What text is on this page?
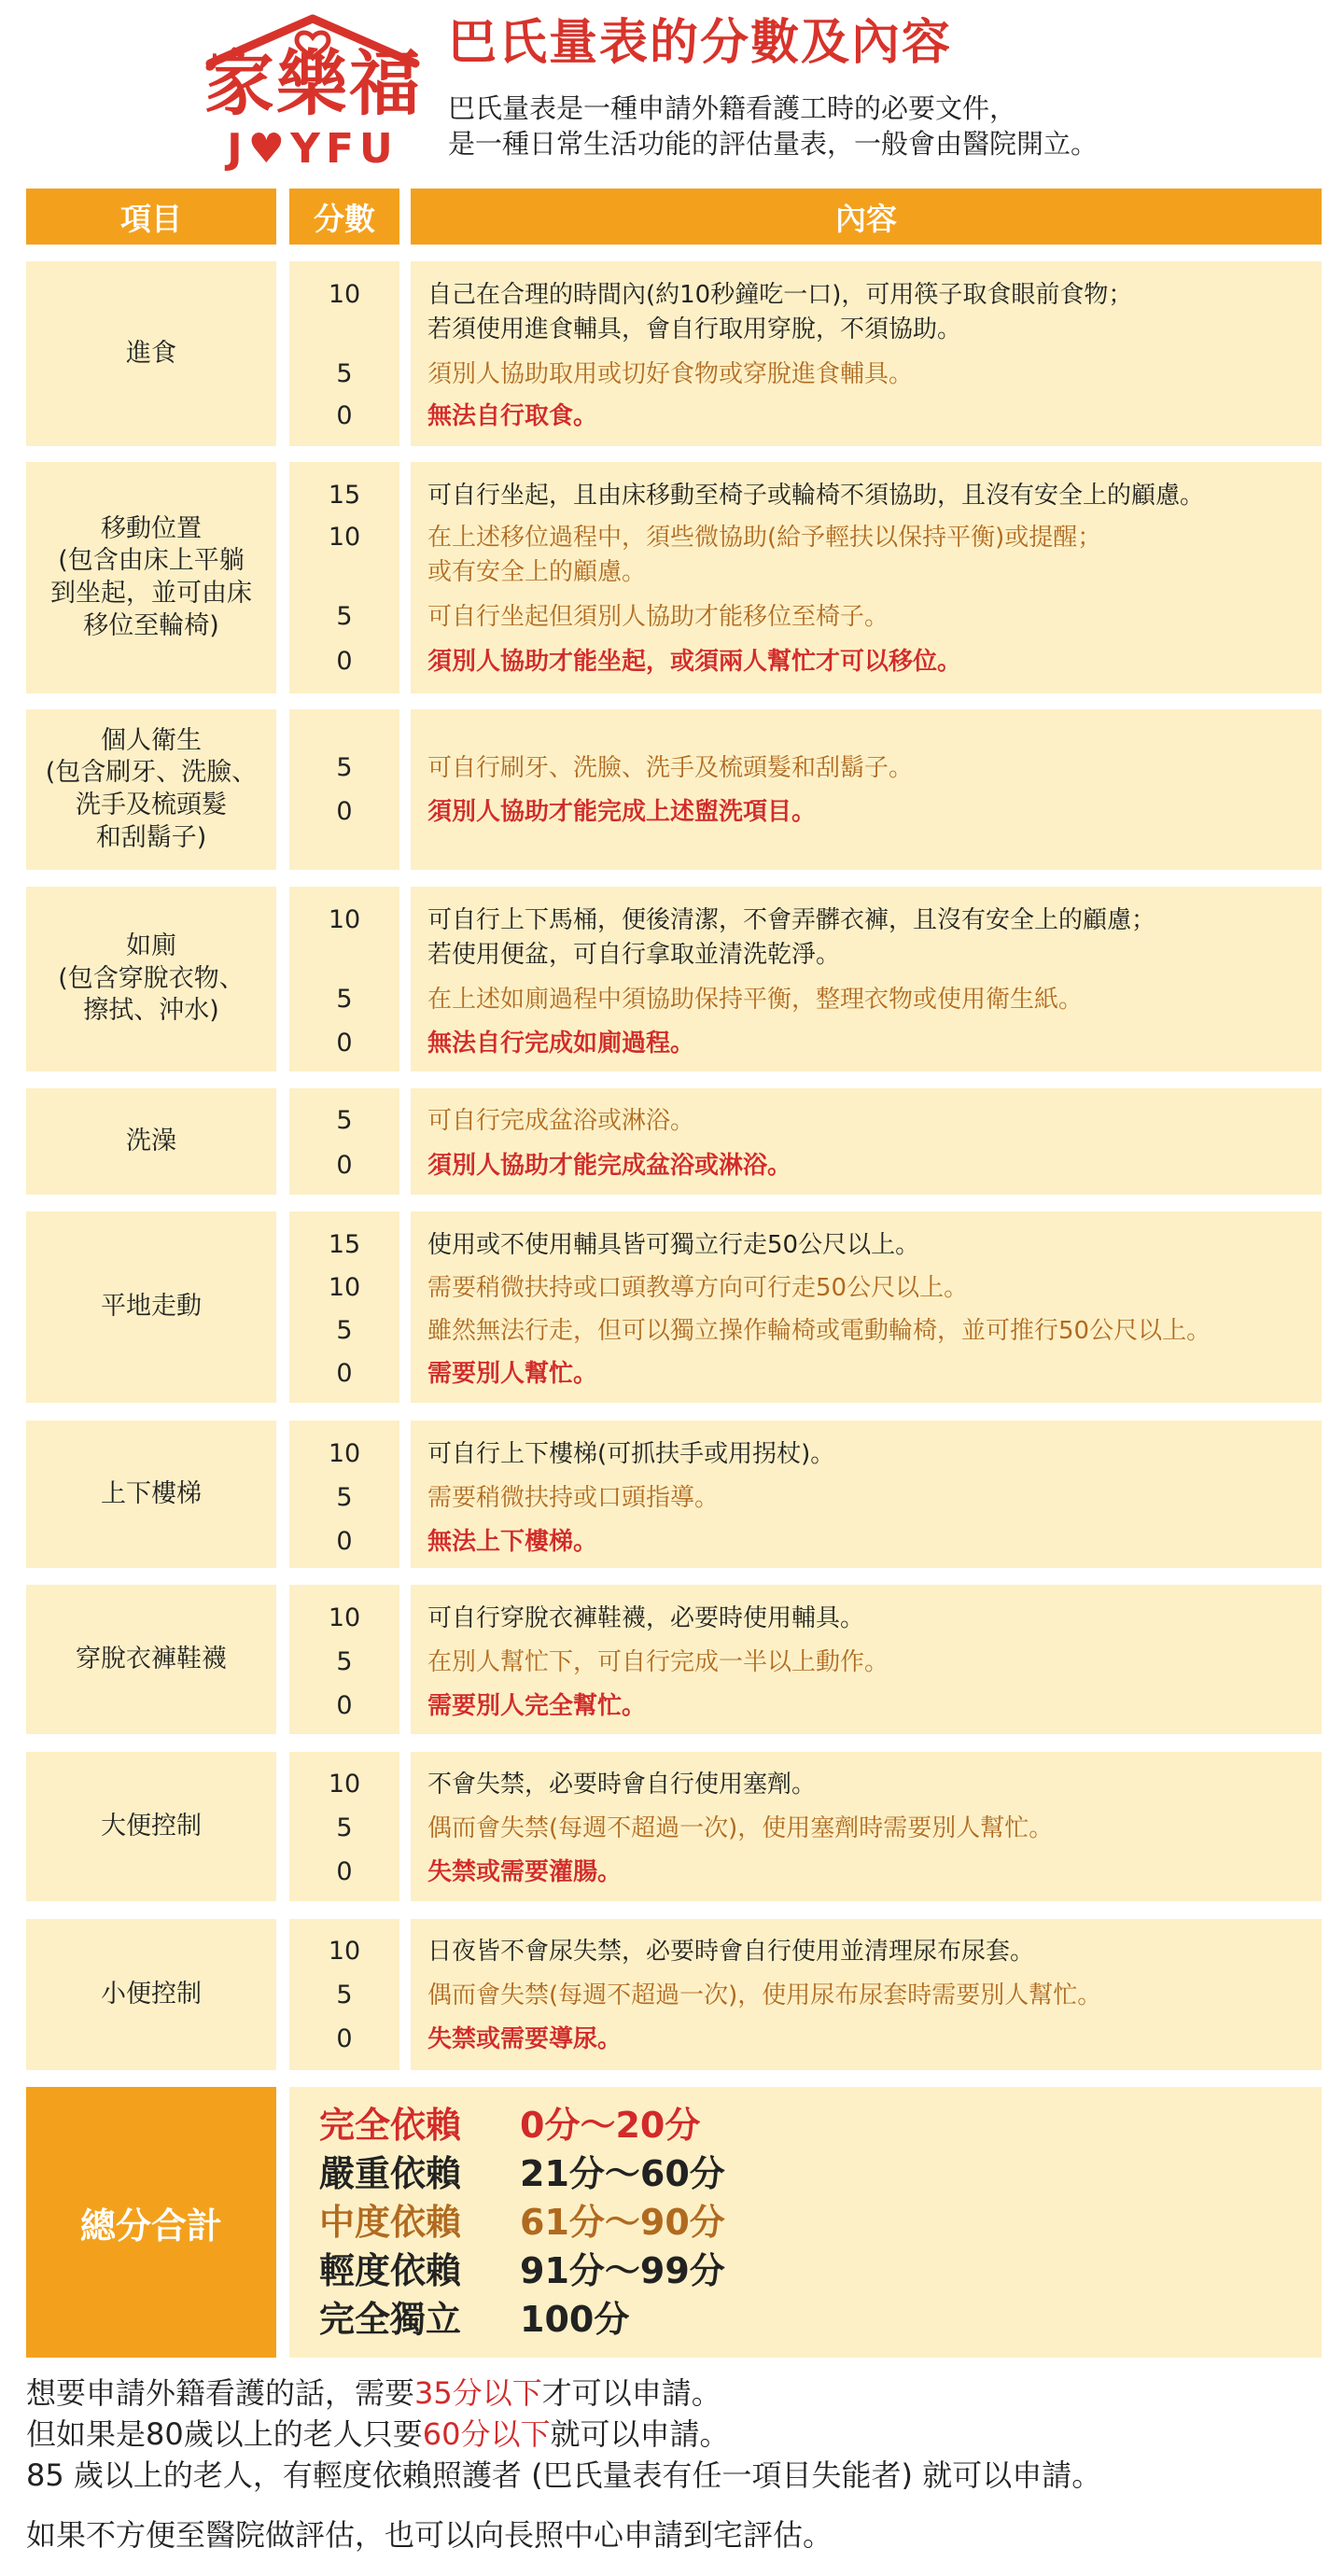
家樂福
J♥YFU
巴氏量表的分數及內容
巴氏量表是一種申請外籍看護工時的必要文件，
是一種日常生活功能的評估量表，一般會由醫院開立。
項目	分數	內容
進食
10
5
0
自己在合理的時間內(約10秒鐘吃一口)，可用筷子取食眼前食物；
若須使用進食輔具，會自行取用穿脫，不須協助。
須別人協助取用或切好食物或穿脫進食輔具。
無法自行取食。
移動位置
(包含由床上平躺
到坐起，並可由床
移位至輪椅)
15
10
5
0
可自行坐起，且由床移動至椅子或輪椅不須協助，且沒有安全上的顧慮。
在上述移位過程中，須些微協助(給予輕扶以保持平衡)或提醒；
或有安全上的顧慮。
可自行坐起但須別人協助才能移位至椅子。
須別人協助才能坐起，或須兩人幫忙才可以移位。
個人衛生
(包含刷牙、洗臉、
洗手及梳頭髮
和刮鬍子)
5
0
可自行刷牙、洗臉、洗手及梳頭髮和刮鬍子。
須別人協助才能完成上述盥洗項目。
如廁
(包含穿脫衣物、
擦拭、沖水)
10
5
0
可自行上下馬桶，便後清潔，不會弄髒衣褲，且沒有安全上的顧慮；
若使用便盆，可自行拿取並清洗乾淨。
在上述如廁過程中須協助保持平衡，整理衣物或使用衛生紙。
無法自行完成如廁過程。
洗澡
5
0
可自行完成盆浴或淋浴。
須別人協助才能完成盆浴或淋浴。
平地走動
15
10
5
0
使用或不使用輔具皆可獨立行走50公尺以上。
需要稍微扶持或口頭教導方向可行走50公尺以上。
雖然無法行走，但可以獨立操作輪椅或電動輪椅，並可推行50公尺以上。
需要別人幫忙。
上下樓梯
10
5
0
可自行上下樓梯(可抓扶手或用拐杖)。
需要稍微扶持或口頭指導。
無法上下樓梯。
穿脫衣褲鞋襪
10
5
0
可自行穿脫衣褲鞋襪，必要時使用輔具。
在別人幫忙下，可自行完成一半以上動作。
需要別人完全幫忙。
大便控制
10
5
0
不會失禁，必要時會自行使用塞劑。
偶而會失禁(每週不超過一次)，使用塞劑時需要別人幫忙。
失禁或需要灌腸。
小便控制
10
5
0
日夜皆不會尿失禁，必要時會自行使用並清理尿布尿套。
偶而會失禁(每週不超過一次)，使用尿布尿套時需要別人幫忙。
失禁或需要導尿。
總分合計
完全依賴 0分～20分
嚴重依賴 21分～60分
中度依賴 61分～90分
輕度依賴 91分～99分
完全獨立 100分
想要申請外籍看護的話，需要35分以下才可以申請。
但如果是80歲以上的老人只要60分以下就可以申請。
85 歲以上的老人，有輕度依賴照護者 (巴氏量表有任一項目失能者) 就可以申請。
如果不方便至醫院做評估，也可以向長照中心申請到宅評估。
